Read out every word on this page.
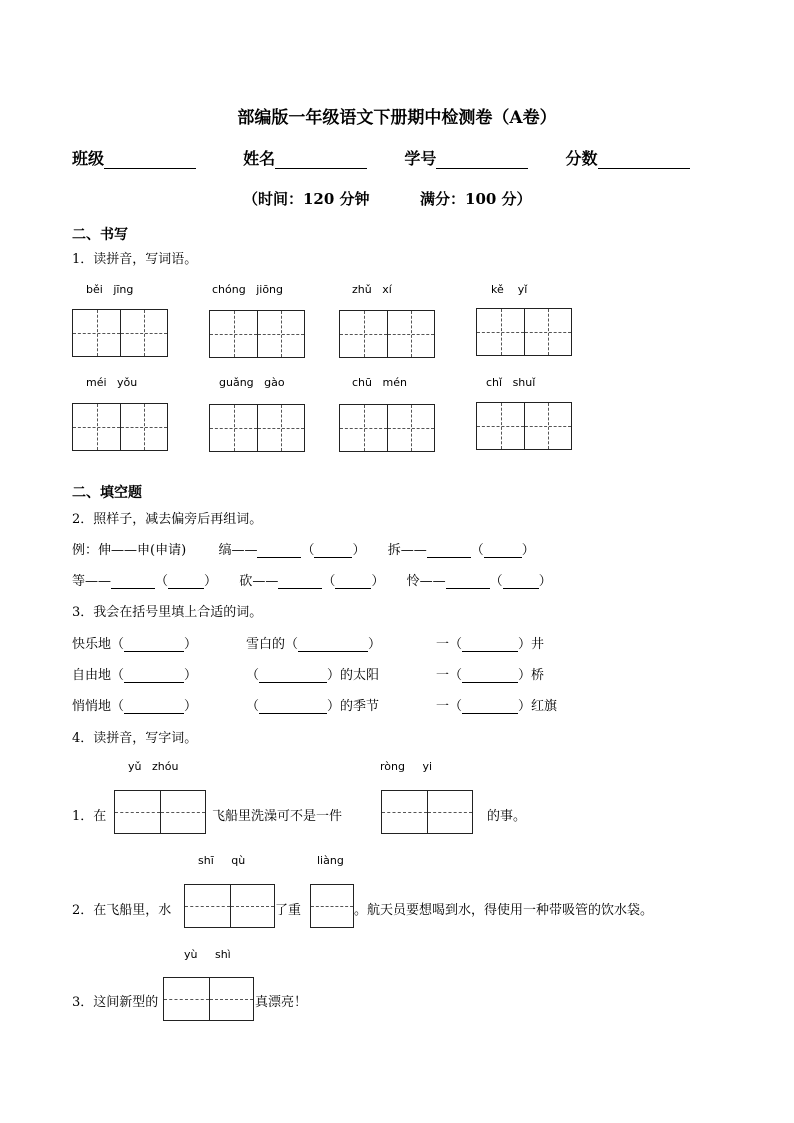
部编版一年级语文下册期中检测卷（A卷）
班级	姓名	学号	分数
（时间：120 分钟	满分：100 分）
二、书写
1．读拼音，写词语。
běi jīng	chóng jiōng	zhǔ xí	kě yǐ
méi yǒu	guǎng gào	chū mén	chǐ shuǐ
二、填空题
2．照样子，减去偏旁后再组词。
例：伸——申(申请) 缟——	（	） 拆——	（	）
等——	（	） 砍——	（	） 怜——	（	）
3．我会在括号里填上合适的词。
快乐地（	）	雪白的（	）	一（	）井
自由地（	）	（	）的太阳	一（	）桥
悄悄地（	）	（	）的季节	一（	）红旗
4．读拼音，写字词。
yǔ zhóu	ròng yi
1．在	飞船里洗澡可不是一件	的事。
shī qù	liàng
2．在飞船里，水	了重	。航天员要想喝到水，得使用一种带吸管的饮水袋。
yù shì
3．这间新型的	真漂亮！
